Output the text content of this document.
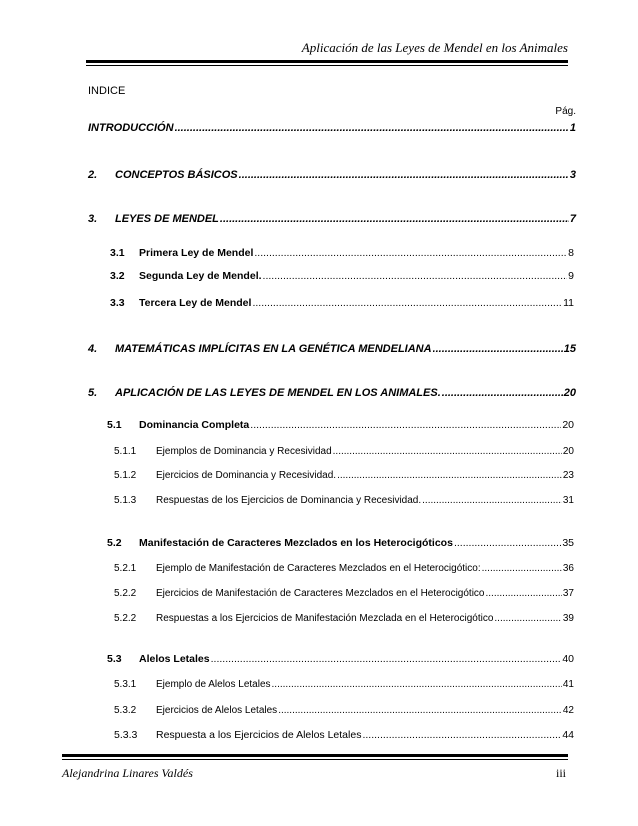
Aplicación de las Leyes de Mendel en los Animales
INDICE
Pág.
INTRODUCCIÓN .....	1
2.	CONCEPTOS BÁSICOS .....	3
3.	LEYES DE MENDEL .....	7
3.1	Primera Ley de Mendel .....	8
3.2	Segunda Ley de Mendel. .....	9
3.3	Tercera Ley de Mendel .....	11
4.	MATEMÁTICAS IMPLÍCITAS EN LA GENÉTICA MENDELIANA .....	15
5.	APLICACIÓN DE LAS LEYES DE MENDEL EN LOS ANIMALES. .....	20
5.1	Dominancia Completa .....	20
5.1.1	Ejemplos de Dominancia y Recesividad .....	20
5.1.2	Ejercicios de Dominancia y Recesividad. .....	23
5.1.3	Respuestas de los Ejercicios de Dominancia y Recesividad. .....	31
5.2	Manifestación de Caracteres Mezclados en los Heterocigóticos .....	35
5.2.1	Ejemplo de Manifestación de Caracteres Mezclados en el Heterocigótico: .....	36
5.2.2	Ejercicios de Manifestación de Caracteres Mezclados en el Heterocigótico .....	37
5.2.2	Respuestas a los Ejercicios de Manifestación Mezclada en el Heterocigótico .....	39
5.3	Alelos Letales .....	40
5.3.1	Ejemplo de Alelos Letales .....	41
5.3.2	Ejercicios de Alelos Letales .....	42
5.3.3	Respuesta a los Ejercicios de Alelos Letales .....	44
Alejandrina Linares Valdés	iii
